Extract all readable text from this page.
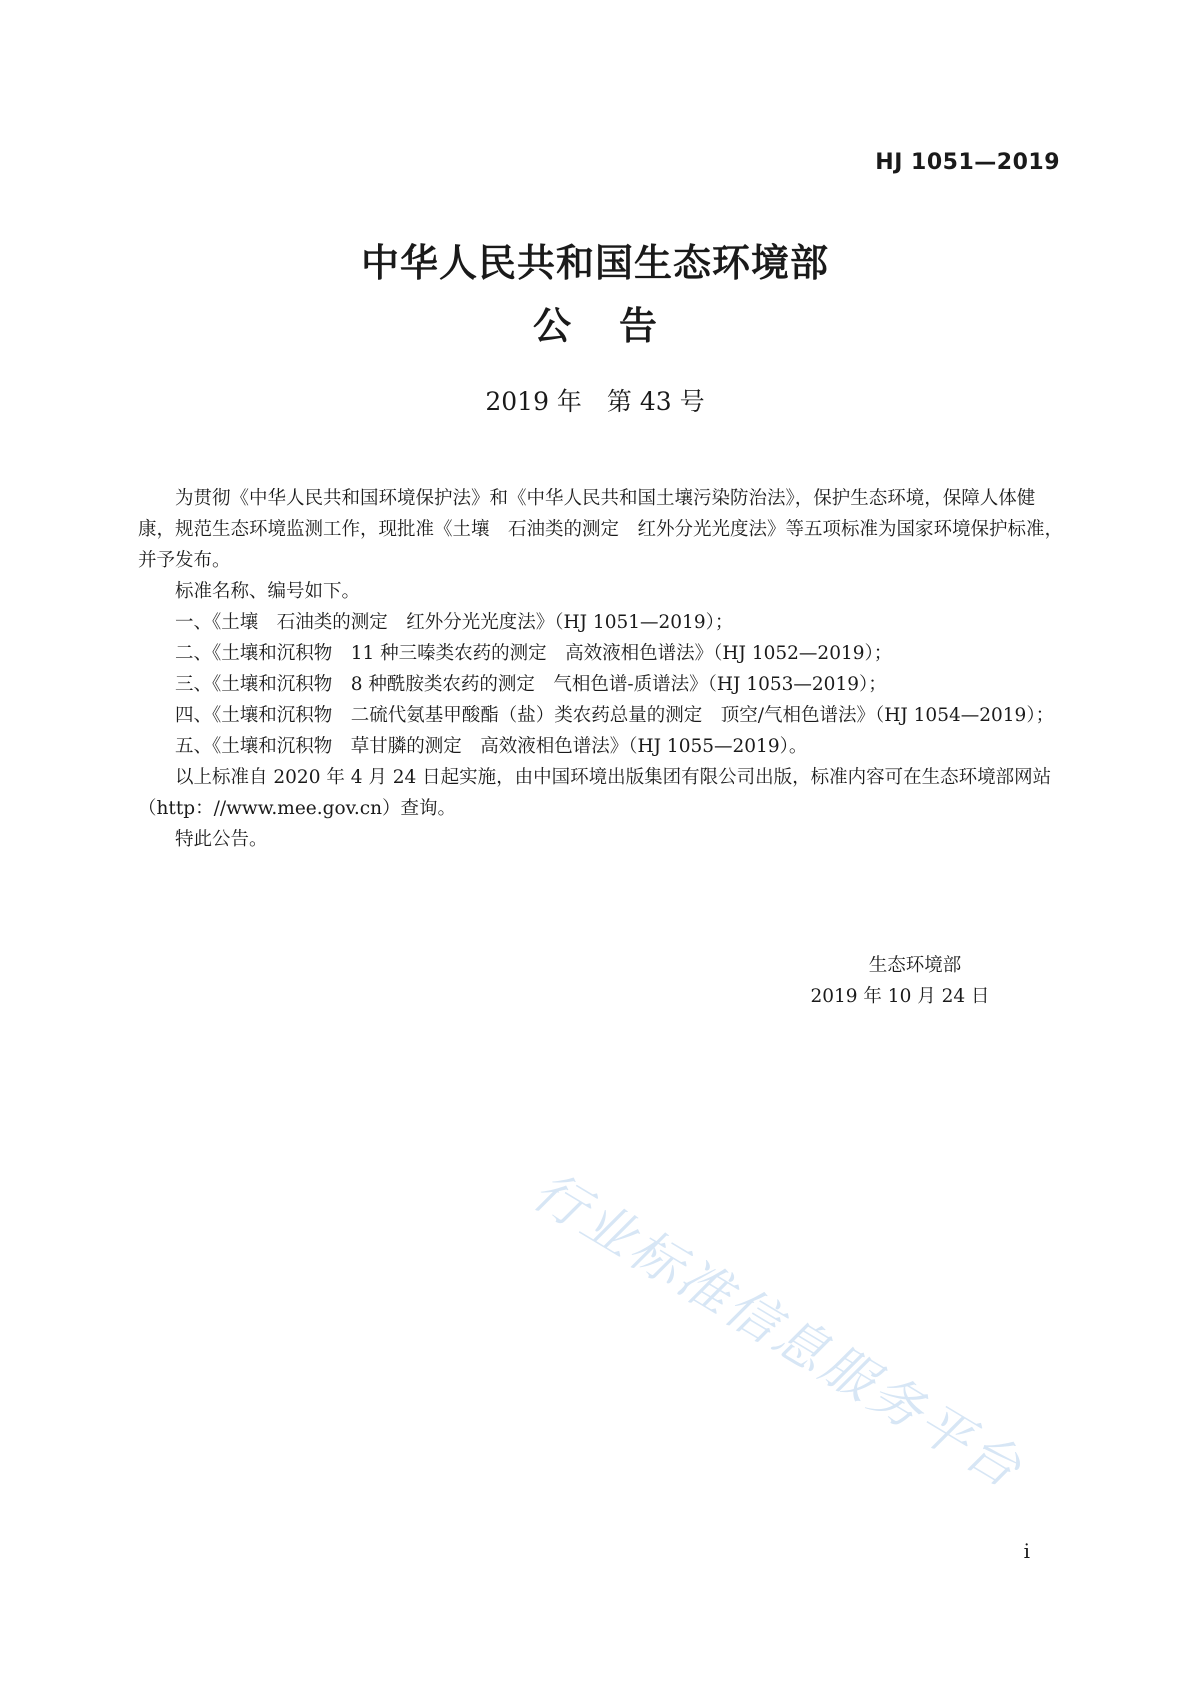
HJ 1051—2019
中华人民共和国生态环境部
公告
2019 年　第 43 号

为贯彻《中华人民共和国环境保护法》和《中华人民共和国土壤污染防治法》，保护生态环境，保障人体健康，规范生态环境监测工作，现批准《土壤　石油类的测定　红外分光光度法》等五项标准为国家环境保护标准，并予发布。

标准名称、编号如下。

一、《土壤　石油类的测定　红外分光光度法》（HJ 1051—2019）；

二、《土壤和沉积物　11 种三嗪类农药的测定　高效液相色谱法》（HJ 1052—2019）；

三、《土壤和沉积物　8 种酰胺类农药的测定　气相色谱-质谱法》（HJ 1053—2019）；

四、《土壤和沉积物　二硫代氨基甲酸酯（盐）类农药总量的测定　顶空/气相色谱法》（HJ 1054—2019）；

五、《土壤和沉积物　草甘膦的测定　高效液相色谱法》（HJ 1055—2019）。

以上标准自 2020 年 4 月 24 日起实施，由中国环境出版集团有限公司出版，标准内容可在生态环境部网站（http：//www.mee.gov.cn）查询。

特此公告。

生态环境部
2019 年 10 月 24 日
行业标准信息服务平台
i
